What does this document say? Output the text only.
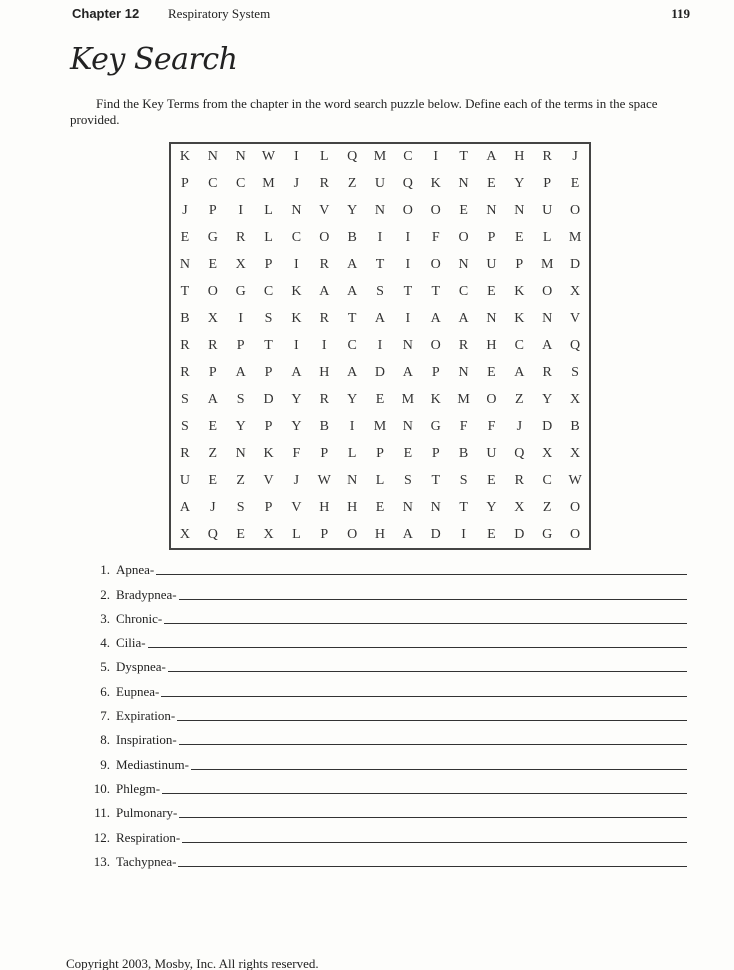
Chapter 12 Respiratory System	119
Key Search
Find the Key Terms from the chapter in the word search puzzle below. Define each of the terms in the space provided.
K	N	N	W	I	L	Q	M	C	I	T	A	H	R	J
P	C	C	M	J	R	Z	U	Q	K	N	E	Y	P	E
J	P	I	L	N	V	Y	N	O	O	E	N	N	U	O
E	G	R	L	C	O	B	I	I	F	O	P	E	L	M
N	E	X	P	I	R	A	T	I	O	N	U	P	M	D
T	O	G	C	K	A	A	S	T	T	C	E	K	O	X
B	X	I	S	K	R	T	A	I	A	A	N	K	N	V
R	R	P	T	I	I	C	I	N	O	R	H	C	A	Q
R	P	A	P	A	H	A	D	A	P	N	E	A	R	S
S	A	S	D	Y	R	Y	E	M	K	M	O	Z	Y	X
S	E	Y	P	Y	B	I	M	N	G	F	F	J	D	B
R	Z	N	K	F	P	L	P	E	P	B	U	Q	X	X
U	E	Z	V	J	W	N	L	S	T	S	E	R	C	W
A	J	S	P	V	H	H	E	N	N	T	Y	X	Z	O
X	Q	E	X	L	P	O	H	A	D	I	E	D	G	O
1. Apnea-
2. Bradypnea-
3. Chronic-
4. Cilia-
5. Dyspnea-
6. Eupnea-
7. Expiration-
8. Inspiration-
9. Mediastinum-
10. Phlegm-
11. Pulmonary-
12. Respiration-
13. Tachypnea-
Copyright 2003, Mosby, Inc. All rights reserved.
